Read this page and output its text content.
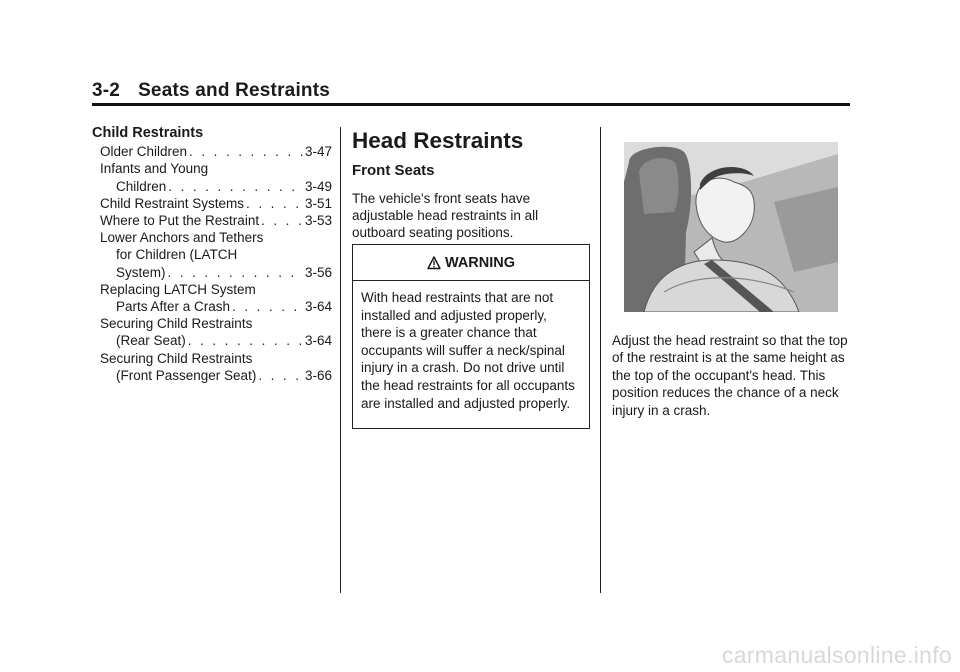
3-2 Seats and Restraints
Child Restraints
Older Children . . .	3-47
Infants and Young
Children . . .	3-49
Child Restraint Systems . . .	3-51
Where to Put the Restraint . . .	3-53
Lower Anchors and Tethers
for Children (LATCH
System) . . .	3-56
Replacing LATCH System
Parts After a Crash . . .	3-64
Securing Child Restraints
(Rear Seat) . . .	3-64
Securing Child Restraints
(Front Passenger Seat) . . .	3-66
Head Restraints
Front Seats
The vehicle's front seats have adjustable head restraints in all outboard seating positions.
WARNING
With head restraints that are not installed and adjusted properly, there is a greater chance that occupants will suffer a neck/spinal injury in a crash. Do not drive until the head restraints for all occupants are installed and adjusted properly.
Adjust the head restraint so that the top of the restraint is at the same height as the top of the occupant's head. This position reduces the chance of a neck injury in a crash.
carmanualsonline.info
